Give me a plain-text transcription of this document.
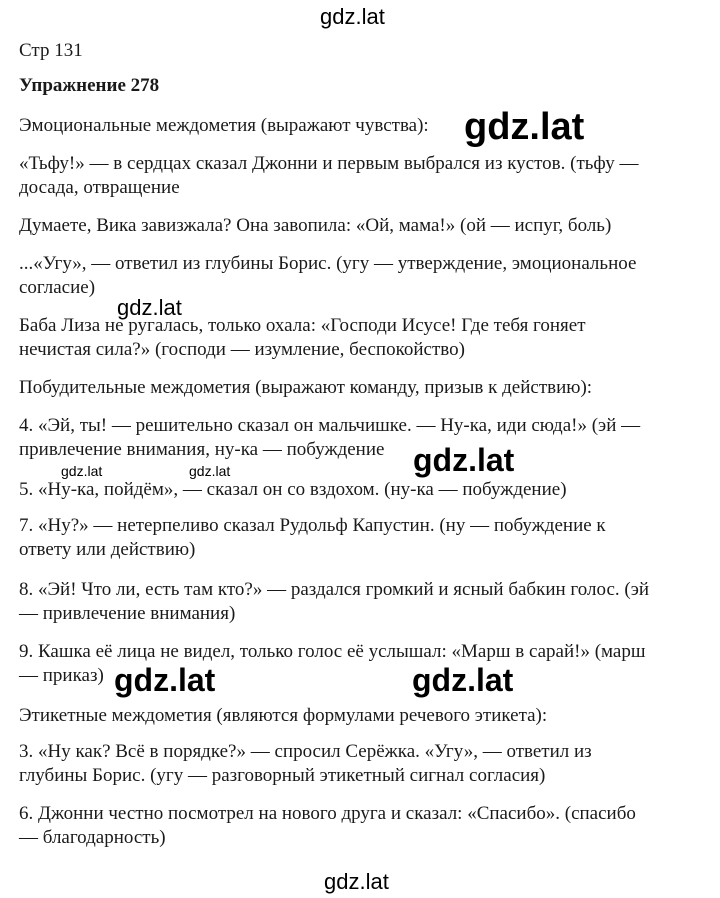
gdz.lat
gdz.lat
gdz.lat
gdz.lat	gdz.lat	gdz.lat
gdz.lat	gdz.lat
gdz.lat
Стр 131
Упражнение 278
Эмоциональные междометия (выражают чувства):
«Тьфу!» — в сердцах сказал Джонни и первым выбрался из кустов. (тьфу —
досада, отвращение
Думаете, Вика завизжала? Она завопила: «Ой, мама!» (ой — испуг, боль)
...«Угу», — ответил из глубины Борис. (угу — утверждение, эмоциональное
согласие)
Баба Лиза не ругалась, только охала: «Господи Исусе! Где тебя гоняет
нечистая сила?» (господи — изумление, беспокойство)
Побудительные междометия (выражают команду, призыв к действию):
4. «Эй, ты! — решительно сказал он мальчишке. — Ну-ка, иди сюда!» (эй —
привлечение внимания, ну-ка — побуждение
5. «Ну-ка, пойдём», — сказал он со вздохом. (ну-ка — побуждение)
7. «Ну?» — нетерпеливо сказал Рудольф Капустин. (ну — побуждение к
ответу или действию)
8. «Эй! Что ли, есть там кто?» — раздался громкий и ясный бабкин голос. (эй
— привлечение внимания)
9. Кашка её лица не видел, только голос её услышал: «Марш в сарай!» (марш
— приказ)
Этикетные междометия (являются формулами речевого этикета):
3. «Ну как? Всё в порядке?» — спросил Серёжка. «Угу», — ответил из
глубины Борис. (угу — разговорный этикетный сигнал согласия)
6. Джонни честно посмотрел на нового друга и сказал: «Спасибо». (спасибо
— благодарность)
